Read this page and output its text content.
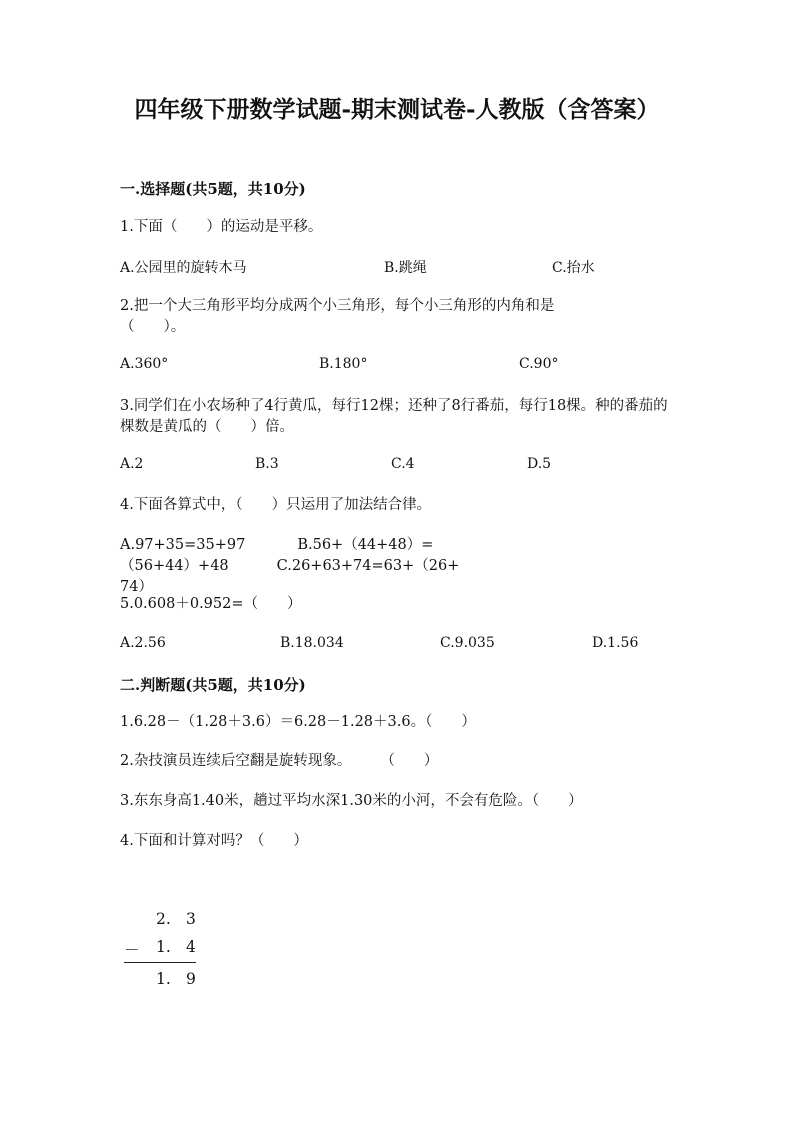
四年级下册数学试题-期末测试卷-人教版（含答案）
一.选择题(共5题，共10分)
1.下面（　　）的运动是平移。
A.公园里的旋转木马	B.跳绳	C.抬水
2.把一个大三角形平均分成两个小三角形，每个小三角形的内角和是（　　）。
A.360°	B.180°	C.90°
3.同学们在小农场种了4行黄瓜，每行12棵；还种了8行番茄，每行18棵。种的番茄的棵数是黄瓜的（　　）倍。
A.2	B.3	C.4	D.5
4.下面各算式中，（　　）只运用了加法结合律。
A.97+35=35+97	B.56+（44+48）=（56+44）+48	C.26+63+74=63+（26+ 74）
5.0.608＋0.952=（　　）
A.2.56	B.18.034	C.9.035	D.1.56
二.判断题(共5题，共10分)
1.6.28－（1.28＋3.6）＝6.28－1.28＋3.6。（　　）
2.杂技演员连续后空翻是旋转现象。　　　（　　）
3.东东身高1.40米，趟过平均水深1.30米的小河，不会有危险。（　　）
4.下面和计算对吗？（　　）
2. 3
－ 1. 4
1. 9
